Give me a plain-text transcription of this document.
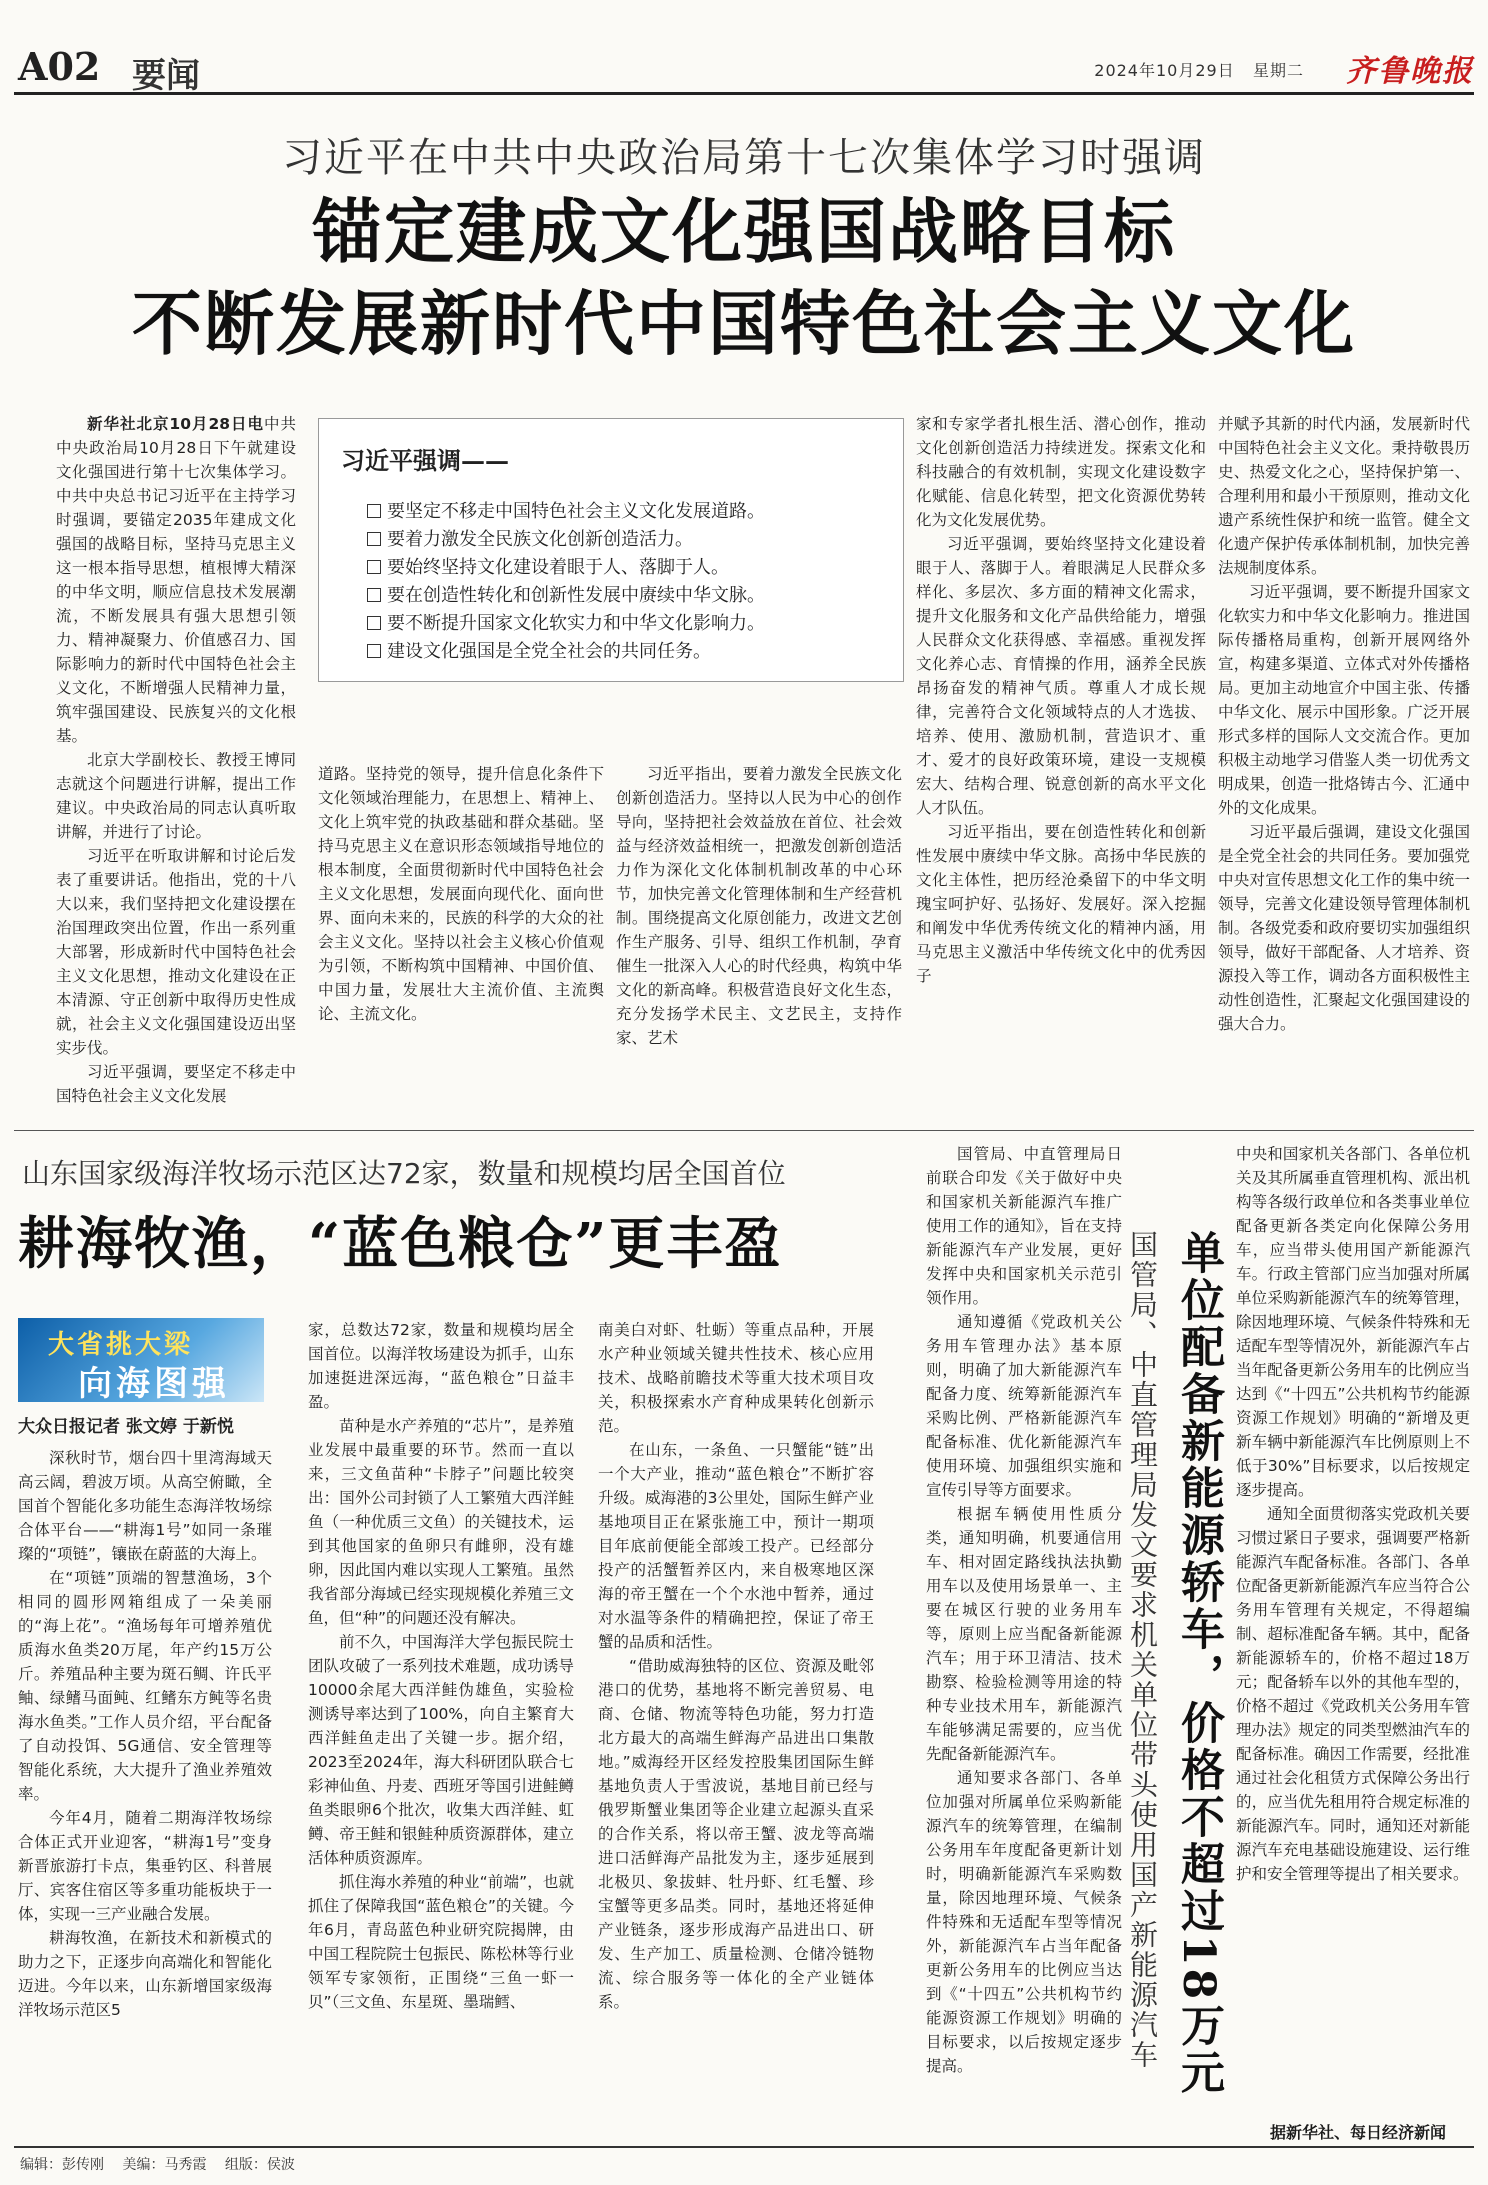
A02 要闻	2024年10月29日 星期二 齐鲁晚报
习近平在中共中央政治局第十七次集体学习时强调
锚定建成文化强国战略目标
不断发展新时代中国特色社会主义文化

新华社北京10月28日电中共中央政治局10月28日下午就建设文化强国进行第十七次集体学习。中共中央总书记习近平在主持学习时强调，要锚定2035年建成文化强国的战略目标，坚持马克思主义这一根本指导思想，植根博大精深的中华文明，顺应信息技术发展潮流，不断发展具有强大思想引领力、精神凝聚力、价值感召力、国际影响力的新时代中国特色社会主义文化，不断增强人民精神力量，筑牢强国建设、民族复兴的文化根基。

北京大学副校长、教授王博同志就这个问题进行讲解，提出工作建议。中央政治局的同志认真听取讲解，并进行了讨论。

习近平在听取讲解和讨论后发表了重要讲话。他指出，党的十八大以来，我们坚持把文化建设摆在治国理政突出位置，作出一系列重大部署，形成新时代中国特色社会主义文化思想，推动文化建设在正本清源、守正创新中取得历史性成就，社会主义文化强国建设迈出坚实步伐。

习近平强调，要坚定不移走中国特色社会主义文化发展

习近平强调——
要坚定不移走中国特色社会主义文化发展道路。
要着力激发全民族文化创新创造活力。
要始终坚持文化建设着眼于人、落脚于人。
要在创造性转化和创新性发展中赓续中华文脉。
要不断提升国家文化软实力和中华文化影响力。
建设文化强国是全党全社会的共同任务。

道路。坚持党的领导，提升信息化条件下文化领域治理能力，在思想上、精神上、文化上筑牢党的执政基础和群众基础。坚持马克思主义在意识形态领域指导地位的根本制度，全面贯彻新时代中国特色社会主义文化思想，发展面向现代化、面向世界、面向未来的，民族的科学的大众的社会主义文化。坚持以社会主义核心价值观为引领，不断构筑中国精神、中国价值、中国力量，发展壮大主流价值、主流舆论、主流文化。

习近平指出，要着力激发全民族文化创新创造活力。坚持以人民为中心的创作导向，坚持把社会效益放在首位、社会效益与经济效益相统一，把激发创新创造活力作为深化文化体制机制改革的中心环节，加快完善文化管理体制和生产经营机制。围绕提高文化原创能力，改进文艺创作生产服务、引导、组织工作机制，孕育催生一批深入人心的时代经典，构筑中华文化的新高峰。积极营造良好文化生态，充分发扬学术民主、文艺民主，支持作家、艺术

家和专家学者扎根生活、潜心创作，推动文化创新创造活力持续迸发。探索文化和科技融合的有效机制，实现文化建设数字化赋能、信息化转型，把文化资源优势转化为文化发展优势。

习近平强调，要始终坚持文化建设着眼于人、落脚于人。着眼满足人民群众多样化、多层次、多方面的精神文化需求，提升文化服务和文化产品供给能力，增强人民群众文化获得感、幸福感。重视发挥文化养心志、育情操的作用，涵养全民族昂扬奋发的精神气质。尊重人才成长规律，完善符合文化领域特点的人才选拔、培养、使用、激励机制，营造识才、重才、爱才的良好政策环境，建设一支规模宏大、结构合理、锐意创新的高水平文化人才队伍。

习近平指出，要在创造性转化和创新性发展中赓续中华文脉。高扬中华民族的文化主体性，把历经沧桑留下的中华文明瑰宝呵护好、弘扬好、发展好。深入挖掘和阐发中华优秀传统文化的精神内涵，用马克思主义激活中华传统文化中的优秀因子

并赋予其新的时代内涵，发展新时代中国特色社会主义文化。秉持敬畏历史、热爱文化之心，坚持保护第一、合理利用和最小干预原则，推动文化遗产系统性保护和统一监管。健全文化遗产保护传承体制机制，加快完善法规制度体系。

习近平强调，要不断提升国家文化软实力和中华文化影响力。推进国际传播格局重构，创新开展网络外宣，构建多渠道、立体式对外传播格局。更加主动地宣介中国主张、传播中华文化、展示中国形象。广泛开展形式多样的国际人文交流合作。更加积极主动地学习借鉴人类一切优秀文明成果，创造一批烙铸古今、汇通中外的文化成果。

习近平最后强调，建设文化强国是全党全社会的共同任务。要加强党中央对宣传思想文化工作的集中统一领导，完善文化建设领导管理体制机制。各级党委和政府要切实加强组织领导，做好干部配备、人才培养、资源投入等工作，调动各方面积极性主动性创造性，汇聚起文化强国建设的强大合力。

山东国家级海洋牧场示范区达72家，数量和规模均居全国首位
耕海牧渔，“蓝色粮仓”更丰盈
大省挑大梁
向海图强
大众日报记者 张文婷 于新悦

深秋时节，烟台四十里湾海域天高云阔，碧波万顷。从高空俯瞰，全国首个智能化多功能生态海洋牧场综合体平台——“耕海1号”如同一条璀璨的“项链”，镶嵌在蔚蓝的大海上。

在“项链”顶端的智慧渔场，3个相同的圆形网箱组成了一朵美丽的“海上花”。“渔场每年可增养殖优质海水鱼类20万尾，年产约15万公斤。养殖品种主要为斑石鲷、许氏平鲉、绿鳍马面鲀、红鳍东方鲀等名贵海水鱼类。”工作人员介绍，平台配备了自动投饵、5G通信、安全管理等智能化系统，大大提升了渔业养殖效率。

今年4月，随着二期海洋牧场综合体正式开业迎客，“耕海1号”变身新晋旅游打卡点，集垂钓区、科普展厅、宾客住宿区等多重功能板块于一体，实现一三产业融合发展。

耕海牧渔，在新技术和新模式的助力之下，正逐步向高端化和智能化迈进。今年以来，山东新增国家级海洋牧场示范区5

家，总数达72家，数量和规模均居全国首位。以海洋牧场建设为抓手，山东加速挺进深远海，“蓝色粮仓”日益丰盈。

苗种是水产养殖的“芯片”，是养殖业发展中最重要的环节。然而一直以来，三文鱼苗种“卡脖子”问题比较突出：国外公司封锁了人工繁殖大西洋鲑鱼（一种优质三文鱼）的关键技术，运到其他国家的鱼卵只有雌卵，没有雄卵，因此国内难以实现人工繁殖。虽然我省部分海域已经实现规模化养殖三文鱼，但“种”的问题还没有解决。

前不久，中国海洋大学包振民院士团队攻破了一系列技术难题，成功诱导10000余尾大西洋鲑伪雄鱼，实验检测诱导率达到了100%，向自主繁育大西洋鲑鱼走出了关键一步。据介绍，2023至2024年，海大科研团队联合七彩神仙鱼、丹麦、西班牙等国引进鲑鳟鱼类眼卵6个批次，收集大西洋鲑、虹鳟、帝王鲑和银鲑种质资源群体，建立活体种质资源库。

抓住海水养殖的种业“前端”，也就抓住了保障我国“蓝色粮仓”的关键。今年6月，青岛蓝色种业研究院揭牌，由中国工程院院士包振民、陈松林等行业领军专家领衔，正围绕“三鱼一虾一贝”（三文鱼、东星斑、墨瑞鳕、

南美白对虾、牡蛎）等重点品种，开展水产种业领域关键共性技术、核心应用技术、战略前瞻技术等重大技术项目攻关，积极探索水产育种成果转化创新示范。

在山东，一条鱼、一只蟹能“链”出一个大产业，推动“蓝色粮仓”不断扩容升级。威海港的3公里处，国际生鲜产业基地项目正在紧张施工中，预计一期项目年底前便能全部竣工投产。已经部分投产的活蟹暂养区内，来自极寒地区深海的帝王蟹在一个个水池中暂养，通过对水温等条件的精确把控，保证了帝王蟹的品质和活性。

“借助威海独特的区位、资源及毗邻港口的优势，基地将不断完善贸易、电商、仓储、物流等特色功能，努力打造北方最大的高端生鲜海产品进出口集散地。”威海经开区经发控股集团国际生鲜基地负责人于雪波说，基地目前已经与俄罗斯蟹业集团等企业建立起源头直采的合作关系，将以帝王蟹、波龙等高端进口活鲜海产品批发为主，逐步延展到北极贝、象拔蚌、牡丹虾、红毛蟹、珍宝蟹等更多品类。同时，基地还将延伸产业链条，逐步形成海产品进出口、研发、生产加工、质量检测、仓储冷链物流、综合服务等一体化的全产业链体系。

国管局、中直管理局日前联合印发《关于做好中央和国家机关新能源汽车推广使用工作的通知》，旨在支持新能源汽车产业发展，更好发挥中央和国家机关示范引领作用。

通知遵循《党政机关公务用车管理办法》基本原则，明确了加大新能源汽车配备力度、统筹新能源汽车采购比例、严格新能源汽车配备标准、优化新能源汽车使用环境、加强组织实施和宣传引导等方面要求。

根据车辆使用性质分类，通知明确，机要通信用车、相对固定路线执法执勤用车以及使用场景单一、主要在城区行驶的业务用车等，原则上应当配备新能源汽车；用于环卫清洁、技术勘察、检验检测等用途的特种专业技术用车，新能源汽车能够满足需要的，应当优先配备新能源汽车。

通知要求各部门、各单位加强对所属单位采购新能源汽车的统筹管理，在编制公务用车年度配备更新计划时，明确新能源汽车采购数量，除因地理环境、气候条件特殊和无适配车型等情况外，新能源汽车占当年配备更新公务用车的比例应当达到《“十四五”公共机构节约能源资源工作规划》明确的目标要求，以后按规定逐步提高。	国管局、中直管理局发文要求机关单位带头使用国产新能源汽车 单位配备新能源轿车，价格不超过18万元

中央和国家机关各部门、各单位机关及其所属垂直管理机构、派出机构等各级行政单位和各类事业单位配备更新各类定向化保障公务用车，应当带头使用国产新能源汽车。行政主管部门应当加强对所属单位采购新能源汽车的统筹管理，除因地理环境、气候条件特殊和无适配车型等情况外，新能源汽车占当年配备更新公务用车的比例应当达到《“十四五”公共机构节约能源资源工作规划》明确的“新增及更新车辆中新能源汽车比例原则上不低于30%”目标要求，以后按规定逐步提高。

通知全面贯彻落实党政机关要习惯过紧日子要求，强调要严格新能源汽车配备标准。各部门、各单位配备更新新能源汽车应当符合公务用车管理有关规定，不得超编制、超标准配备车辆。其中，配备新能源轿车的，价格不超过18万元；配备轿车以外的其他车型的，价格不超过《党政机关公务用车管理办法》规定的同类型燃油汽车的配备标准。确因工作需要，经批准通过社会化租赁方式保障公务出行的，应当优先租用符合规定标准的新能源汽车。同时，通知还对新能源汽车充电基础设施建设、运行维护和安全管理等提出了相关要求。

据新华社、每日经济新闻
编辑：彭传刚 美编：马秀霞 组版：侯波
